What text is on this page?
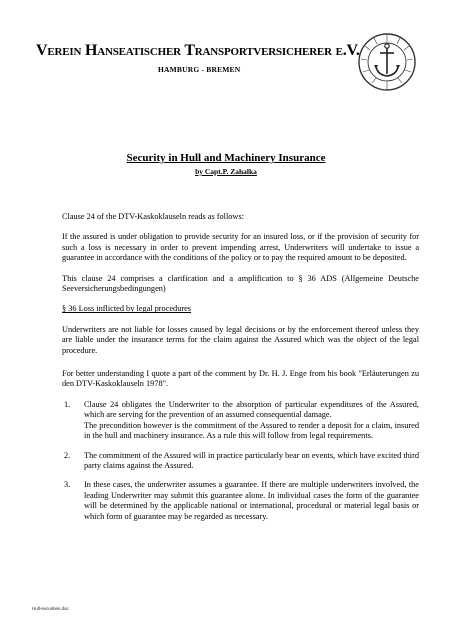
Verein Hanseatischer Transportversicherer e.V.
HAMBURG - BREMEN
Security in Hull and Machinery Insurance
by Capt.P. Zahalka

Clause 24 of the DTV-Kaskoklauseln reads as follows:

If the assured is under obligation to provide security for an insured loss, or if the provision of security for such a loss is necessary in order to prevent impending arrest, Underwriters will undertake to issue a guarantee in accordance with the conditions of the policy or to pay the required amount to be deposited.

This clause 24 comprises a clarification and a amplification to § 36 ADS (Allgemeine Deutsche Seeversicherungsbedingungen)

§ 36 Loss inflicted by legal procedures

Underwriters are not liable for losses caused by legal decisions or by the enforcement thereof unless they are liable under the insurance terms for the claim against the Assured which was the object of the legal procedure.

For better understanding I quote a part of the comment by Dr. H. J. Enge from his book "Erläuterungen zu den DTV-Kaskoklauseln 1978".

1. Clause 24 obligates the Underwriter to the absorption of particular expenditures of the Assured, which are serving for the prevention of an assumed consequential damage.
The precondition however is the commitment of the Assured to render a deposit for a claim, insured in the hull and machinery insurance. As a rule this will follow from legal requirements.
2. The commitment of the Assured will in practice particularly bear on events, which have excited third party claims against the Assured.
3. In these cases, the underwriter assumes a guarantee. If there are multiple underwriters involved, the leading Underwriter may submit this guarantee alone. In individual cases the form of the guarantee will be determined by the applicable national or international, procedural or material legal basis or which form of guarantee may be regarded as necessary.
Hull-securities.doc
